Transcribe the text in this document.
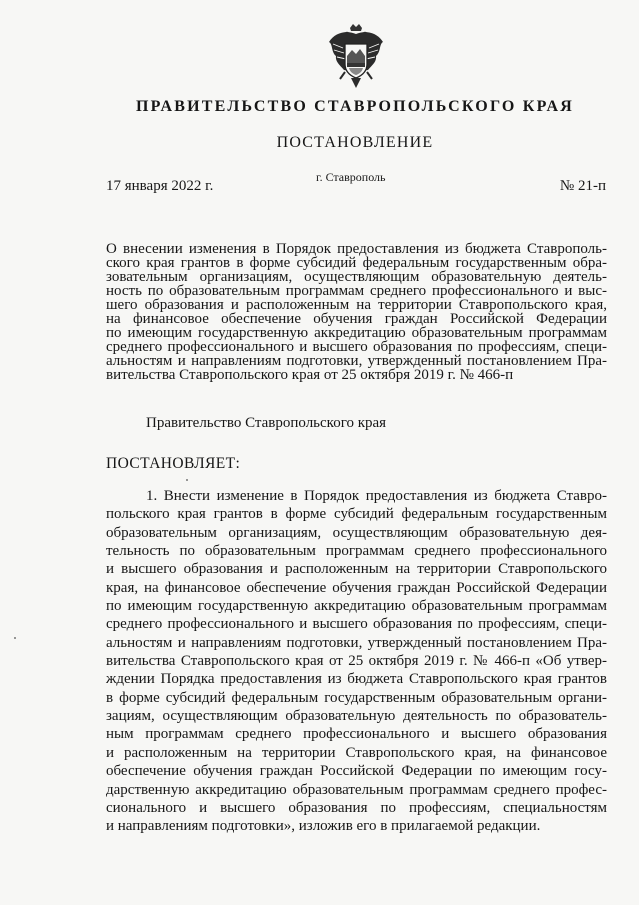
ПРАВИТЕЛЬСТВО СТАВРОПОЛЬСКОГО КРАЯ
ПОСТАНОВЛЕНИЕ
17 января 2022 г.
г. Ставрополь
№ 21-п
О внесении изменения в Порядок предоставления из бюджета Ставрополь-
ского края грантов в форме субсидий федеральным государственным обра-
зовательным организациям, осуществляющим образовательную деятель-
ность по образовательным программам среднего профессионального и выс-
шего образования и расположенным на территории Ставропольского края,
на финансовое обеспечение обучения граждан Российской Федерации
по имеющим государственную аккредитацию образовательным программам
среднего профессионального и высшего образования по профессиям, специ-
альностям и направлениям подготовки, утвержденный постановлением Пра-
вительства Ставропольского края от 25 октября 2019 г. № 466-п
Правительство Ставропольского края
ПОСТАНОВЛЯЕТ:
1. Внести изменение в Порядок предоставления из бюджета Ставро-
польского края грантов в форме субсидий федеральным государственным
образовательным организациям, осуществляющим образовательную дея-
тельность по образовательным программам среднего профессионального
и высшего образования и расположенным на территории Ставропольского
края, на финансовое обеспечение обучения граждан Российской Федерации
по имеющим государственную аккредитацию образовательным программам
среднего профессионального и высшего образования по профессиям, специ-
альностям и направлениям подготовки, утвержденный постановлением Пра-
вительства Ставропольского края от 25 октября 2019 г. № 466-п «Об утвер-
ждении Порядка предоставления из бюджета Ставропольского края грантов
в форме субсидий федеральным государственным образовательным органи-
зациям, осуществляющим образовательную деятельность по образователь-
ным программам среднего профессионального и высшего образования
и расположенным на территории Ставропольского края, на финансовое
обеспечение обучения граждан Российской Федерации по имеющим госу-
дарственную аккредитацию образовательным программам среднего профес-
сионального и высшего образования по профессиям, специальностям
и направлениям подготовки», изложив его в прилагаемой редакции.
